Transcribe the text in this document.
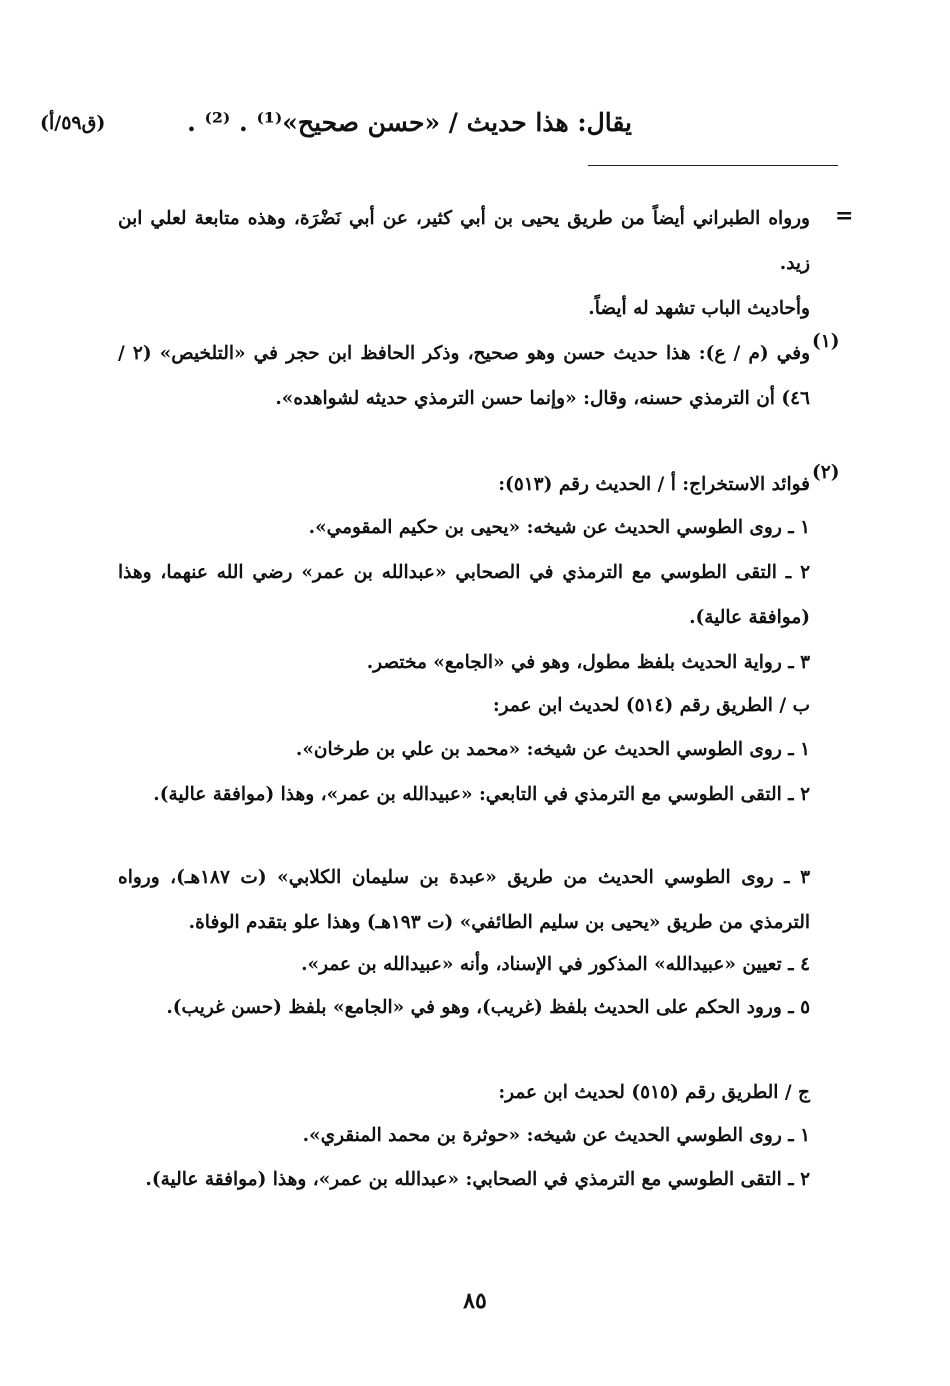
يقال: هذا حديث / «حسن صحيح»⁽¹⁾ . ⁽²⁾ .
(ق٥٩/أ)
=
ورواه الطبراني أيضاً من طريق يحيى بن أبي كثير، عن أبي نَضْرَة، وهذه متابعة لعلي ابن زيد.
وأحاديث الباب تشهد له أيضاً.
(١)
وفي (م / ع): هذا حديث حسن وهو صحيح، وذكر الحافظ ابن حجر في «التلخيص» (٢ / ٤٦) أن الترمذي حسنه، وقال: «وإنما حسن الترمذي حديثه لشواهده».
(٢)
فوائد الاستخراج: أ / الحديث رقم (٥١٣):
١ ـ روى الطوسي الحديث عن شيخه: «يحيى بن حكيم المقومي».
٢ ـ التقى الطوسي مع الترمذي في الصحابي «عبدالله بن عمر» رضي الله عنهما، وهذا (موافقة عالية).
٣ ـ رواية الحديث بلفظ مطول، وهو في «الجامع» مختصر.
ب / الطريق رقم (٥١٤) لحديث ابن عمر:
١ ـ روى الطوسي الحديث عن شيخه: «محمد بن علي بن طرخان».
٢ ـ التقى الطوسي مع الترمذي في التابعي: «عبيدالله بن عمر»، وهذا (موافقة عالية).
٣ ـ روى الطوسي الحديث من طريق «عبدة بن سليمان الكلابي» (ت ١٨٧هـ)، ورواه الترمذي من طريق «يحيى بن سليم الطائفي» (ت ١٩٣هـ) وهذا علو بتقدم الوفاة.
٤ ـ تعيين «عبيدالله» المذكور في الإسناد، وأنه «عبيدالله بن عمر».
٥ ـ ورود الحكم على الحديث بلفظ (غريب)، وهو في «الجامع» بلفظ (حسن غريب).
ج / الطريق رقم (٥١٥) لحديث ابن عمر:
١ ـ روى الطوسي الحديث عن شيخه: «حوثرة بن محمد المنقري».
٢ ـ التقى الطوسي مع الترمذي في الصحابي: «عبدالله بن عمر»، وهذا (موافقة عالية).
٨٥
